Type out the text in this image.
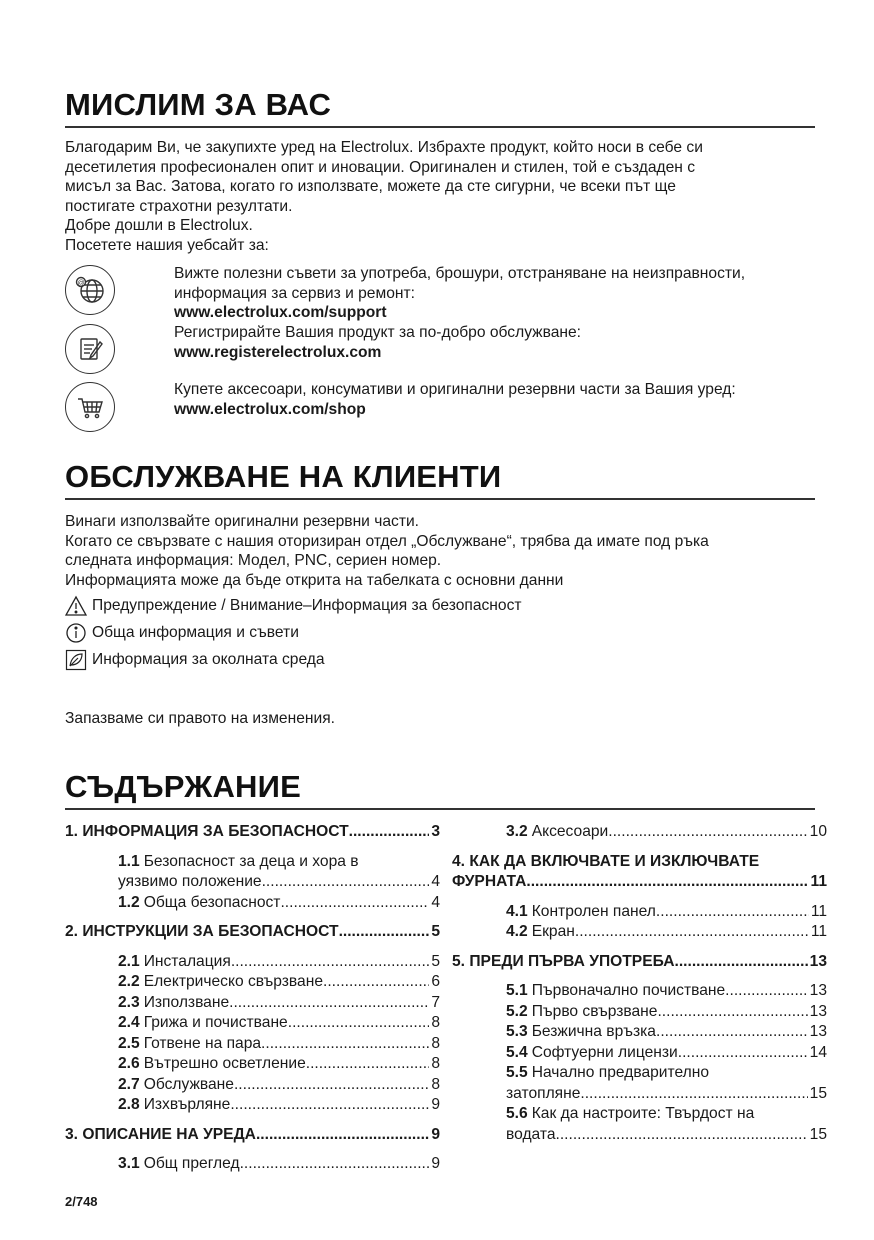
МИСЛИМ ЗА ВАС
Благодарим Ви, че закупихте уред на Electrolux. Избрахте продукт, който носи в себе си
десетилетия професионален опит и иновации. Оригинален и стилен, той е създаден с
мисъл за Вас. Затова, когато го използвате, можете да сте сигурни, че всеки път ще
постигате страхотни резултати.
Добре дошли в Electrolux.
Посетете нашия уебсайт за:
@
Вижте полезни съвети за употреба, брошури, отстраняване на неизправности,
информация за сервиз и ремонт:
www.electrolux.com/support
Регистрирайте Вашия продукт за по-добро обслужване:
www.registerelectrolux.com
Купете аксесоари, консумативи и оригинални резервни части за Вашия уред:
www.electrolux.com/shop
ОБСЛУЖВАНЕ НА КЛИЕНТИ
Винаги използвайте оригинални резервни части.
Когато се свързвате с нашия оторизиран отдел „Обслужване“, трябва да имате под ръка
следната информация: Модел, PNC, сериен номер.
Информацията може да бъде открита на табелката с основни данни
Предупреждение / Внимание–Информация за безопасност
Обща информация и съвети
Информация за околната среда
Запазваме си правото на изменения.
СЪДЪРЖАНИЕ
1. ИНФОРМАЦИЯ ЗА БЕЗОПАСНОСТ .....	3
1.1 Безопасност за деца и хора в
уязвимо положение .....	4
1.2 Обща безопасност .....	4
2. ИНСТРУКЦИИ ЗА БЕЗОПАСНОСТ .....	5
2.1 Инсталация .....	5
2.2 Електрическо свързване .....	6
2.3 Използване .....	7
2.4 Грижа и почистване .....	8
2.5 Готвене на пара .....	8
2.6 Вътрешно осветление .....	8
2.7 Обслужване .....	8
2.8 Изхвърляне .....	9
3. ОПИСАНИЕ НА УРЕДА .....	9
3.1 Общ преглед .....	9
3.2 Аксесоари .....	10
4. КАК ДА ВКЛЮЧВАТЕ И ИЗКЛЮЧВАТЕ
ФУРНАТА .....	11
4.1 Контролен панел .....	11
4.2 Екран .....	11
5. ПРЕДИ ПЪРВА УПОТРЕБА .....	13
5.1 Първоначално почистване .....	13
5.2 Първо свързване .....	13
5.3 Безжична връзка .....	13
5.4 Софтуерни лицензи .....	14
5.5 Начално предварително
затопляне .....	15
5.6 Как да настроите: Твърдост на
водата .....	15
2/748
